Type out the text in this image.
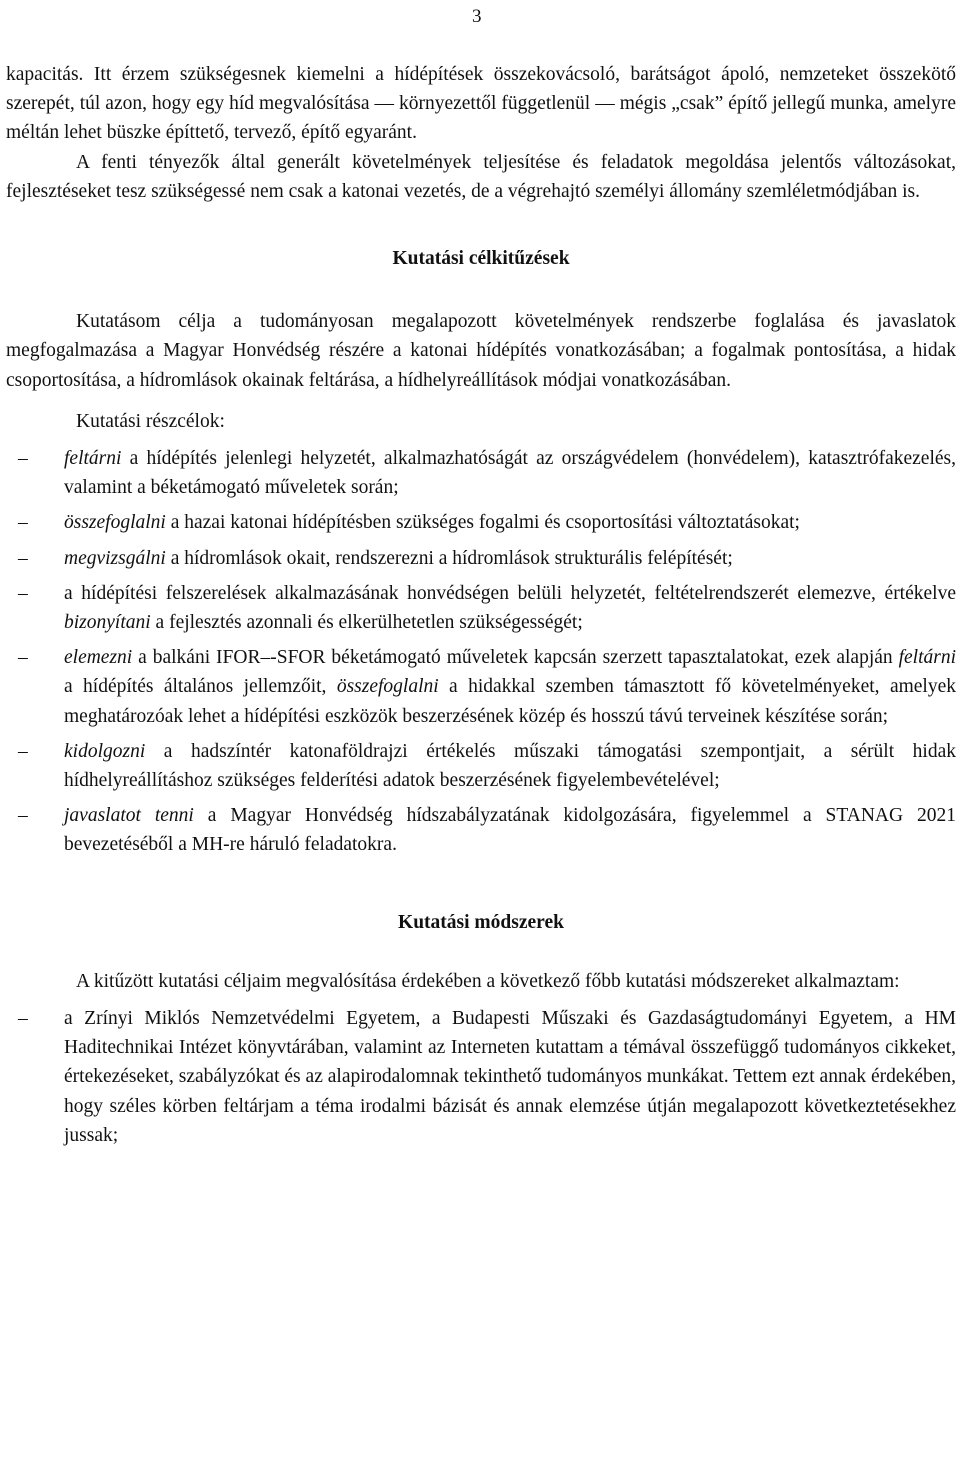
3

kapacitás. Itt érzem szükségesnek kiemelni a hídépítések összekovácsoló, barátságot ápoló, nemzeteket összekötő szerepét, túl azon, hogy egy híd megvalósítása — környezettől függetlenül — mégis „csak” építő jellegű munka, amelyre méltán lehet büszke építtető, tervező, építő egyaránt.

A fenti tényezők által generált követelmények teljesítése és feladatok megoldása jelentős változásokat, fejlesztéseket tesz szükségessé nem csak a katonai vezetés, de a végrehajtó személyi állomány szemléletmódjában is.

Kutatási célkitűzések

Kutatásom célja a tudományosan megalapozott követelmények rendszerbe foglalása és javaslatok megfogalmazása a Magyar Honvédség részére a katonai hídépítés vonatkozásában; a fogalmak pontosítása, a hidak csoportosítása, a hídromlások okainak feltárása, a hídhelyreállítások módjai vonatkozásában.

Kutatási részcélok:

– feltárni a hídépítés jelenlegi helyzetét, alkalmazhatóságát az országvédelem (honvédelem), katasztrófakezelés, valamint a béketámogató műveletek során;
– összefoglalni a hazai katonai hídépítésben szükséges fogalmi és csoportosítási változtatásokat;
– megvizsgálni a hídromlások okait, rendszerezni a hídromlások strukturális felépítését;
– a hídépítési felszerelések alkalmazásának honvédségen belüli helyzetét, feltételrendszerét elemezve, értékelve bizonyítani a fejlesztés azonnali és elkerülhetetlen szükségességét;
– elemezni a balkáni IFOR–-SFOR béketámogató műveletek kapcsán szerzett tapasztalatokat, ezek alapján feltárni a hídépítés általános jellemzőit, összefoglalni a hidakkal szemben támasztott fő követelményeket, amelyek meghatározóak lehet a hídépítési eszközök beszerzésének közép és hosszú távú terveinek készítése során;
– kidolgozni a hadszíntér katonaföldrajzi értékelés műszaki támogatási szempontjait, a sérült hidak hídhelyreállításhoz szükséges felderítési adatok beszerzésének figyelembevételével;
– javaslatot tenni a Magyar Honvédség hídszabályzatának kidolgozására, figyelemmel a STANAG 2021 bevezetéséből a MH-re háruló feladatokra.

Kutatási módszerek

A kitűzött kutatási céljaim megvalósítása érdekében a következő főbb kutatási módszereket alkalmaztam:

– a Zrínyi Miklós Nemzetvédelmi Egyetem, a Budapesti Műszaki és Gazdaságtudományi Egyetem, a HM Haditechnikai Intézet könyvtárában, valamint az Interneten kutattam a témával összefüggő tudományos cikkeket, értekezéseket, szabályzókat és az alapirodalomnak tekinthető tudományos munkákat. Tettem ezt annak érdekében, hogy széles körben feltárjam a téma irodalmi bázisát és annak elemzése útján megalapozott következtetésekhez jussak;
